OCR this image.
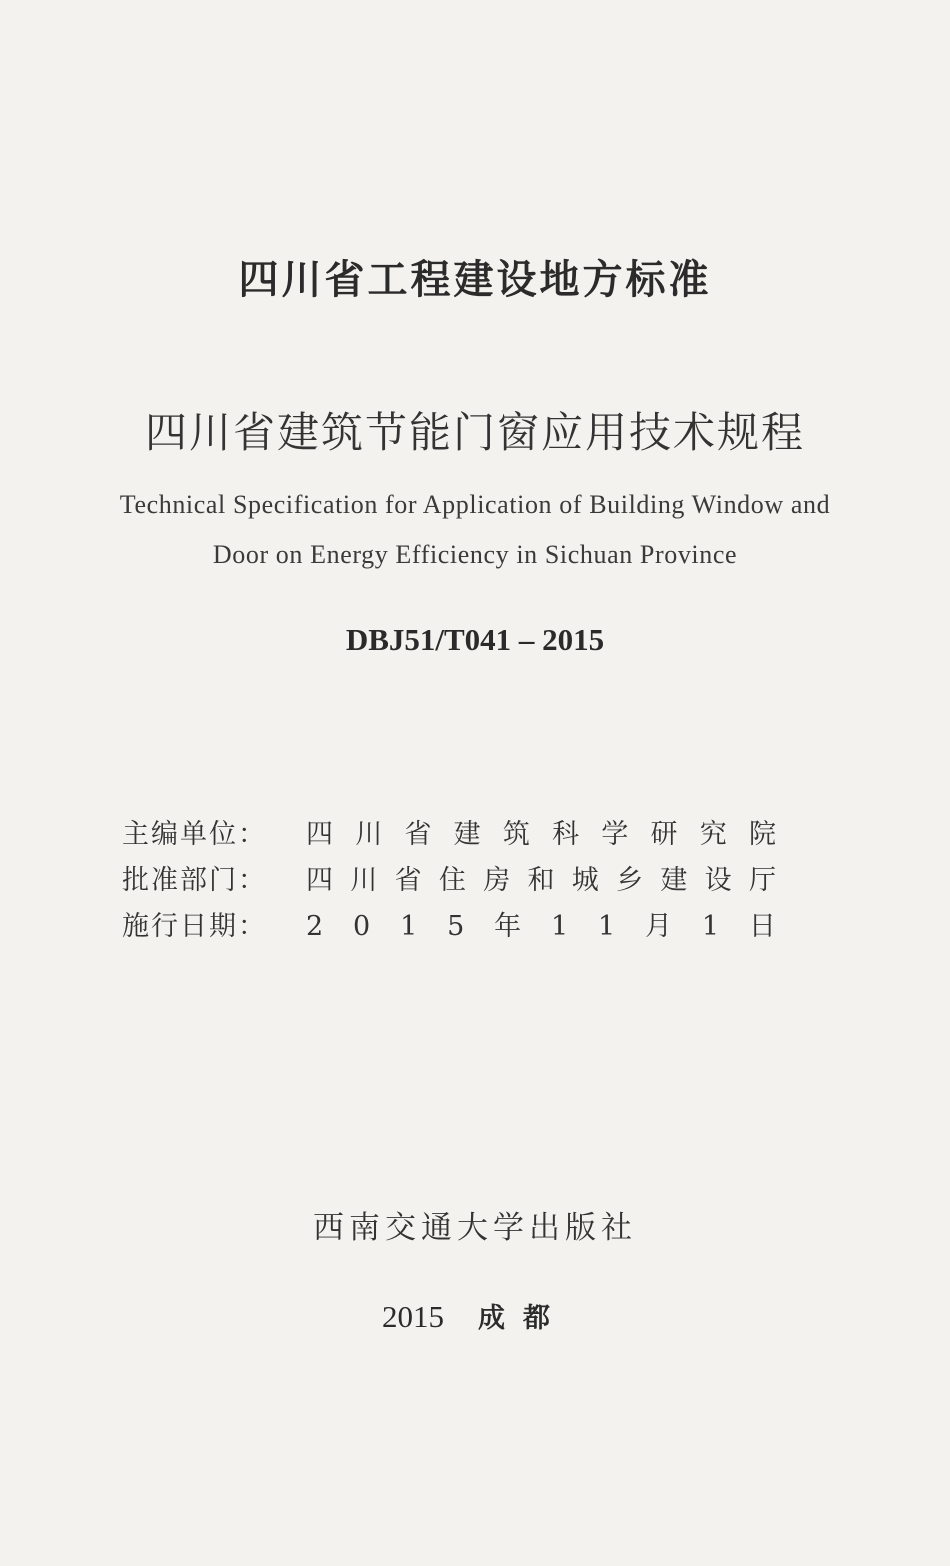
四川省工程建设地方标准
四川省建筑节能门窗应用技术规程
Technical Specification for Application of Building Window and
Door on Energy Efficiency in Sichuan Province
DBJ51/T041 – 2015
主编单位： 四 川 省 建 筑 科 学 研 究 院
批准部门： 四 川 省 住 房 和 城 乡 建 设 厅
施行日期： 2 0 1 5 年 1 1 月 1 日
西南交通大学出版社
2015 成都
